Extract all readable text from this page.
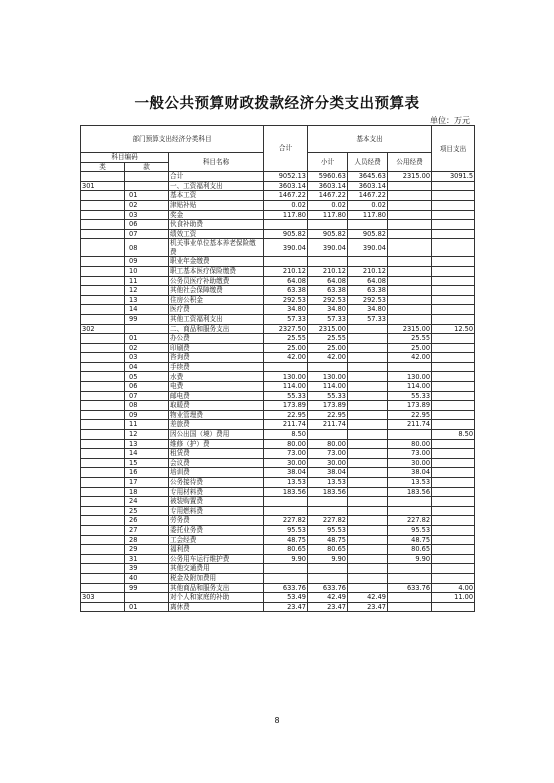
一般公共预算财政拨款经济分类支出预算表
单位：万元
部门预算支出经济分类科目			合计	基本支出			项目支出
科目编码		科目名称		小计	人员经费	公用经费	
类	款						
		合计	9052.13	5960.63	3645.63	2315.00	3091.5
301		一、工资福利支出	3603.14	3603.14	3603.14		
	01	基本工资	1467.22	1467.22	1467.22		
	02	津贴补贴	0.02	0.02	0.02		
	03	奖金	117.80	117.80	117.80		
	06	伙食补助费					
	07	绩效工资	905.82	905.82	905.82		
	08	机关事业单位基本养老保险缴费	390.04	390.04	390.04		
	09	职业年金缴费					
	10	职工基本医疗保险缴费	210.12	210.12	210.12		
	11	公务员医疗补助缴费	64.08	64.08	64.08		
	12	其他社会保障缴费	63.38	63.38	63.38		
	13	住房公积金	292.53	292.53	292.53		
	14	医疗费	34.80	34.80	34.80		
	99	其他工资福利支出	57.33	57.33	57.33		
302		二、商品和服务支出	2327.50	2315.00		2315.00	12.50
	01	办公费	25.55	25.55		25.55	
	02	印刷费	25.00	25.00		25.00	
	03	咨询费	42.00	42.00		42.00	
	04	手续费					
	05	水费	130.00	130.00		130.00	
	06	电费	114.00	114.00		114.00	
	07	邮电费	55.33	55.33		55.33	
	08	取暖费	173.89	173.89		173.89	
	09	物业管理费	22.95	22.95		22.95	
	11	差旅费	211.74	211.74		211.74	
	12	因公出国（境）费用	8.50				8.50
	13	维修（护）费	80.00	80.00		80.00	
	14	租赁费	73.00	73.00		73.00	
	15	会议费	30.00	30.00		30.00	
	16	培训费	38.04	38.04		38.04	
	17	公务接待费	13.53	13.53		13.53	
	18	专用材料费	183.56	183.56		183.56	
	24	被装购置费					
	25	专用燃料费					
	26	劳务费	227.82	227.82		227.82	
	27	委托业务费	95.53	95.53		95.53	
	28	工会经费	48.75	48.75		48.75	
	29	福利费	80.65	80.65		80.65	
	31	公务用车运行维护费	9.90	9.90		9.90	
	39	其他交通费用					
	40	税金及附加费用					
	99	其他商品和服务支出	633.76	633.76		633.76	4.00
303		对个人和家庭的补助	53.49	42.49	42.49		11.00
	01	离休费	23.47	23.47	23.47		
8
